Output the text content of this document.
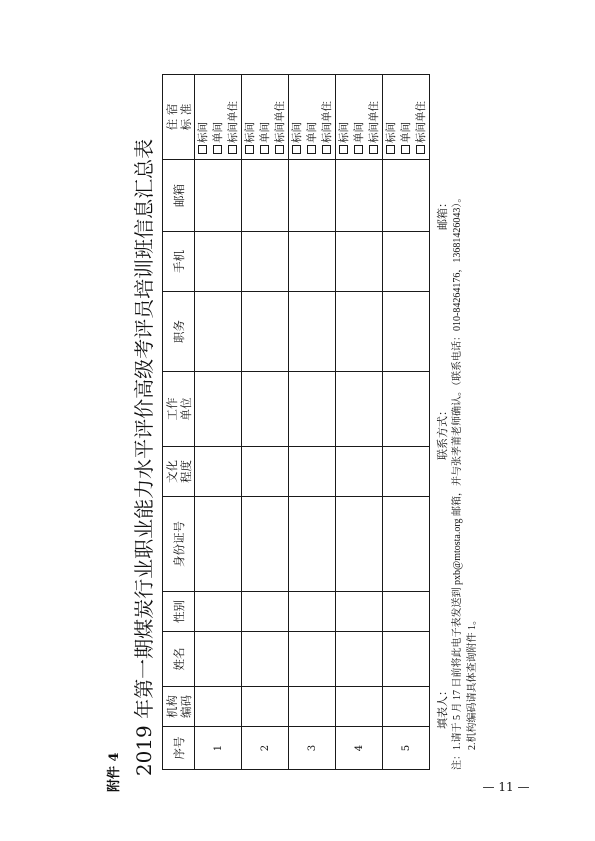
附件 4 2019 年第一期煤炭行业职业能力水平评价高级考评员培训班信息汇总表 序号	机构 编码	姓名	性别	身份证号	文化 程度	工作 单位	职务	手机	邮箱	住 宿 标 准

1										标间 单间 标间单住

2										标间 单间 标间单住

3										标间 单间 标间单住

4										标间 单间 标间单住

5										标间 单间 标间单住
填表人：
联系方式：
邮箱： 注：1.请于 5 月 17 日前将此电子表发送到 pxb@mtosta.org 邮箱，并与张孝莆老师确认。（联系电话：010-84264176，13681426043）。 2.机构编码请具体查询附件 1。
— 11 —
